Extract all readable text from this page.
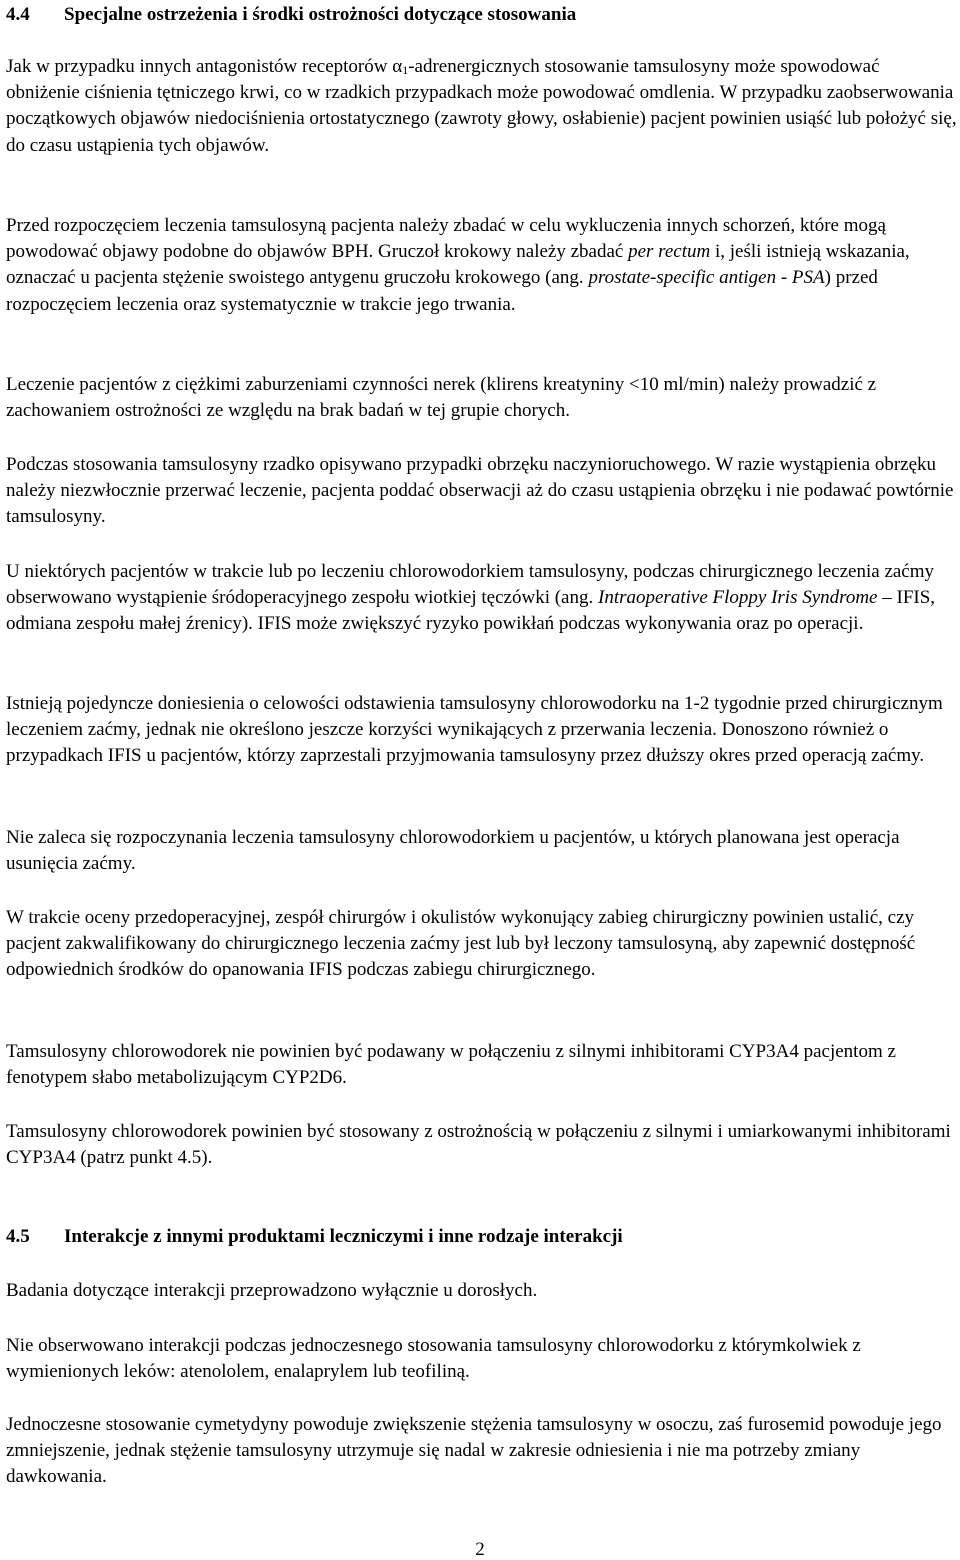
4.4 Specjalne ostrzeżenia i środki ostrożności dotyczące stosowania
Jak w przypadku innych antagonistów receptorów $\alpha_1$-adrenergicznych stosowanie tamsulosyny może spowodować obniżenie ciśnienia tętniczego krwi, co w rzadkich przypadkach może powodować omdlenia. W przypadku zaobserwowania początkowych objawów niedociśnienia ortostatycznego (zawroty głowy, osłabienie) pacjent powinien usiąść lub położyć się, do czasu ustąpienia tych objawów.
Przed rozpoczęciem leczenia tamsulosyną pacjenta należy zbadać w celu wykluczenia innych schorzeń, które mogą powodować objawy podobne do objawów BPH. Gruczoł krokowy należy zbadać per rectum i, jeśli istnieją wskazania, oznaczać u pacjenta stężenie swoistego antygenu gruczołu krokowego (ang. prostate-specific antigen - PSA) przed rozpoczęciem leczenia oraz systematycznie w trakcie jego trwania.
Leczenie pacjentów z ciężkimi zaburzeniami czynności nerek (klirens kreatyniny <10 ml/min) należy prowadzić z zachowaniem ostrożności ze względu na brak badań w tej grupie chorych.
Podczas stosowania tamsulosyny rzadko opisywano przypadki obrzęku naczynioruchowego. W razie wystąpienia obrzęku należy niezwłocznie przerwać leczenie, pacjenta poddać obserwacji aż do czasu ustąpienia obrzęku i nie podawać powtórnie tamsulosyny.
U niektórych pacjentów w trakcie lub po leczeniu chlorowodorkiem tamsulosyny, podczas chirurgicznego leczenia zaćmy obserwowano wystąpienie śródoperacyjnego zespołu wiotkiej tęczówki (ang. Intraoperative Floppy Iris Syndrome – IFIS, odmiana zespołu małej źrenicy). IFIS może zwiększyć ryzyko powikłań podczas wykonywania oraz po operacji.
Istnieją pojedyncze doniesienia o celowości odstawienia tamsulosyny chlorowodorku na 1-2 tygodnie przed chirurgicznym leczeniem zaćmy, jednak nie określono jeszcze korzyści wynikających z przerwania leczenia. Donoszono również o przypadkach IFIS u pacjentów, którzy zaprzestali przyjmowania tamsulosyny przez dłuższy okres przed operacją zaćmy.
Nie zaleca się rozpoczynania leczenia tamsulosyny chlorowodorkiem u pacjentów, u których planowana jest operacja usunięcia zaćmy.
W trakcie oceny przedoperacyjnej, zespół chirurgów i okulistów wykonujący zabieg chirurgiczny powinien ustalić, czy pacjent zakwalifikowany do chirurgicznego leczenia zaćmy jest lub był leczony tamsulosyną, aby zapewnić dostępność odpowiednich środków do opanowania IFIS podczas zabiegu chirurgicznego.
Tamsulosyny chlorowodorek nie powinien być podawany w połączeniu z silnymi inhibitorami CYP3A4 pacjentom z fenotypem słabo metabolizującym CYP2D6.
Tamsulosyny chlorowodorek powinien być stosowany z ostrożnością w połączeniu z silnymi i umiarkowanymi inhibitorami CYP3A4 (patrz punkt 4.5).
4.5 Interakcje z innymi produktami leczniczymi i inne rodzaje interakcji
Badania dotyczące interakcji przeprowadzono wyłącznie u dorosłych.
Nie obserwowano interakcji podczas jednoczesnego stosowania tamsulosyny chlorowodorku z którymkolwiek z wymienionych leków: atenololem, enalaprylem lub teofiliną.
Jednoczesne stosowanie cymetydyny powoduje zwiększenie stężenia tamsulosyny w osoczu, zaś furosemid powoduje jego zmniejszenie, jednak stężenie tamsulosyny utrzymuje się nadal w zakresie odniesienia i nie ma potrzeby zmiany dawkowania.
2
